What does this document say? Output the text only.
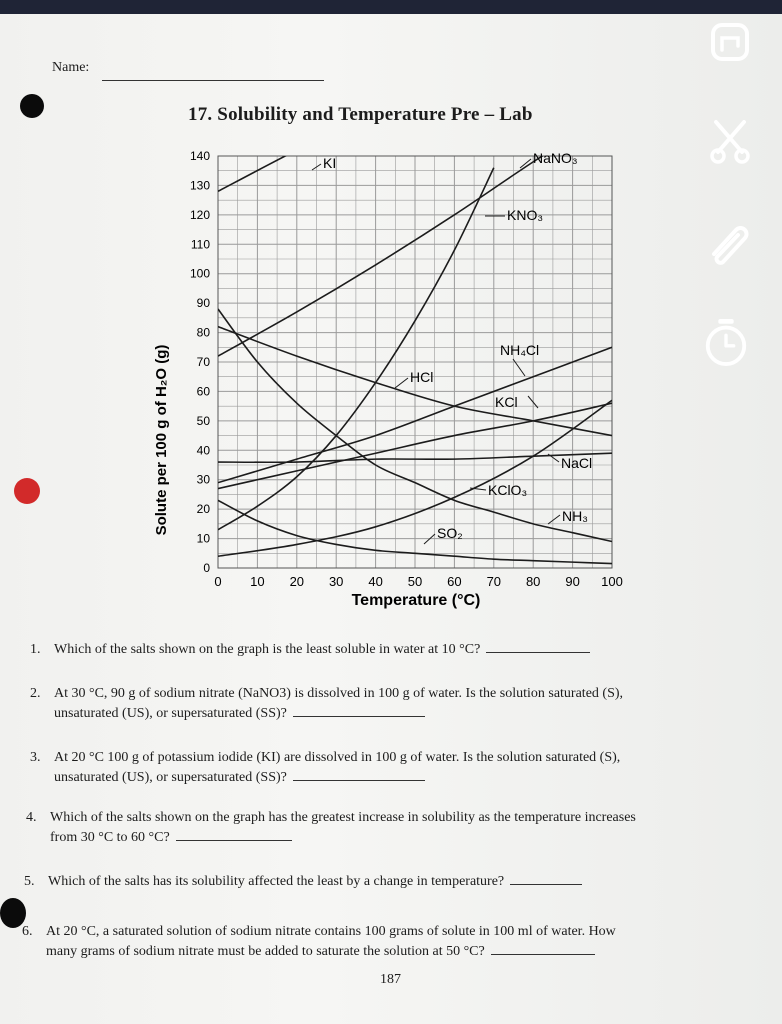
Name:
17. Solubility and Temperature Pre – Lab
0
10
20
30
40
50
60
70
80
90
100
110
120
130
140
0 10 20 30 40 50 60 70 80 90 100
KI	NaNO₃
KNO₃
NH₄Cl
HCl
KCl
NaCl
KClO₃
NH₃
SO₂
Solute per 100 g of H₂O (g)
Temperature (°C)
1. Which of the salts shown on the graph is the least soluble in water at 10 °C?
2. At 30 °C, 90 g of sodium nitrate (NaNO3) is dissolved in 100 g of water. Is the solution saturated (S),
unsaturated (US), or supersaturated (SS)?
3. At 20 °C 100 g of potassium iodide (KI) are dissolved in 100 g of water. Is the solution saturated (S),
unsaturated (US), or supersaturated (SS)?
4. Which of the salts shown on the graph has the greatest increase in solubility as the temperature increases
from 30 °C to 60 °C?
5. Which of the salts has its solubility affected the least by a change in temperature?
6. At 20 °C, a saturated solution of sodium nitrate contains 100 grams of solute in 100 ml of water. How
many grams of sodium nitrate must be added to saturate the solution at 50 °C?
187
